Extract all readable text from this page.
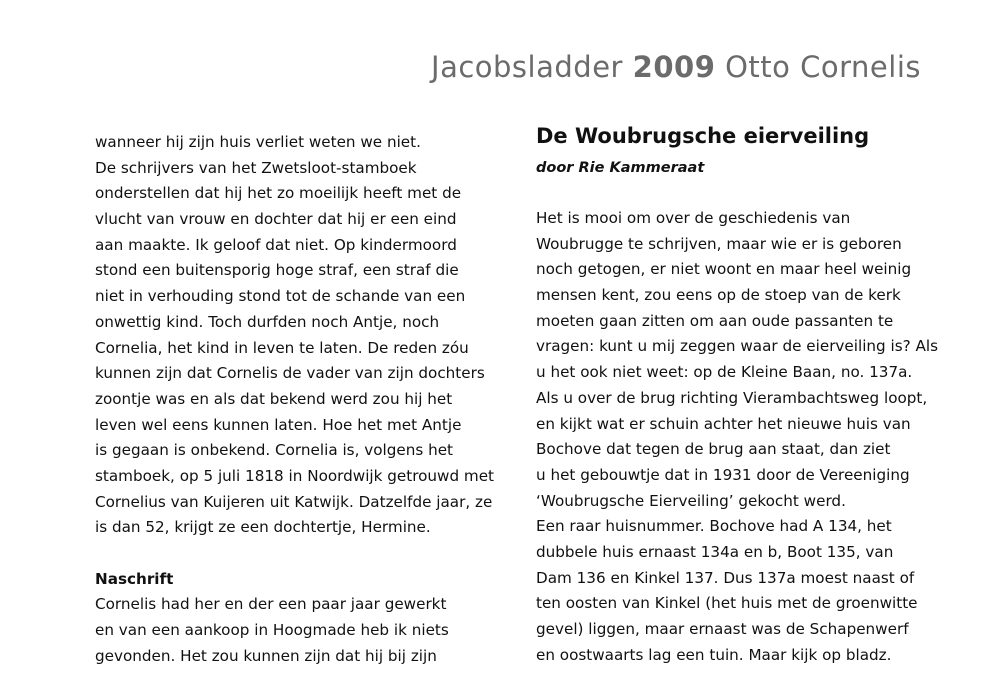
Jacobsladder 2009 Otto Cornelis
wanneer hij zijn huis verliet weten we niet.
De schrijvers van het Zwetsloot-stamboek
onderstellen dat hij het zo moeilijk heeft met de
vlucht van vrouw en dochter dat hij er een eind
aan maakte. Ik geloof dat niet. Op kindermoord
stond een buitensporig hoge straf, een straf die
niet in verhouding stond tot de schande van een
onwettig kind. Toch durfden noch Antje, noch
Cornelia, het kind in leven te laten. De reden zóu
kunnen zijn dat Cornelis de vader van zijn dochters
zoontje was en als dat bekend werd zou hij het
leven wel eens kunnen laten. Hoe het met Antje
is gegaan is onbekend. Cornelia is, volgens het
stamboek, op 5 juli 1818 in Noordwijk getrouwd met
Cornelius van Kuijeren uit Katwijk. Datzelfde jaar, ze
is dan 52, krijgt ze een dochtertje, Hermine.
Naschrift
Cornelis had her en der een paar jaar gewerkt
en van een aankoop in Hoogmade heb ik niets
gevonden. Het zou kunnen zijn dat hij bij zijn
De Woubrugsche eierveiling
door Rie Kammeraat
Het is mooi om over de geschiedenis van
Woubrugge te schrijven, maar wie er is geboren
noch getogen, er niet woont en maar heel weinig
mensen kent, zou eens op de stoep van de kerk
moeten gaan zitten om aan oude passanten te
vragen: kunt u mij zeggen waar de eierveiling is? Als
u het ook niet weet: op de Kleine Baan, no. 137a.
Als u over de brug richting Vierambachtsweg loopt,
en kijkt wat er schuin achter het nieuwe huis van
Bochove dat tegen de brug aan staat, dan ziet
u het gebouwtje dat in 1931 door de Vereeniging
‘Woubrugsche Eierveiling’ gekocht werd.
Een raar huisnummer. Bochove had A 134, het
dubbele huis ernaast 134a en b, Boot 135, van
Dam 136 en Kinkel 137. Dus 137a moest naast of
ten oosten van Kinkel (het huis met de groenwitte
gevel) liggen, maar ernaast was de Schapenwerf
en oostwaarts lag een tuin. Maar kijk op bladz.
